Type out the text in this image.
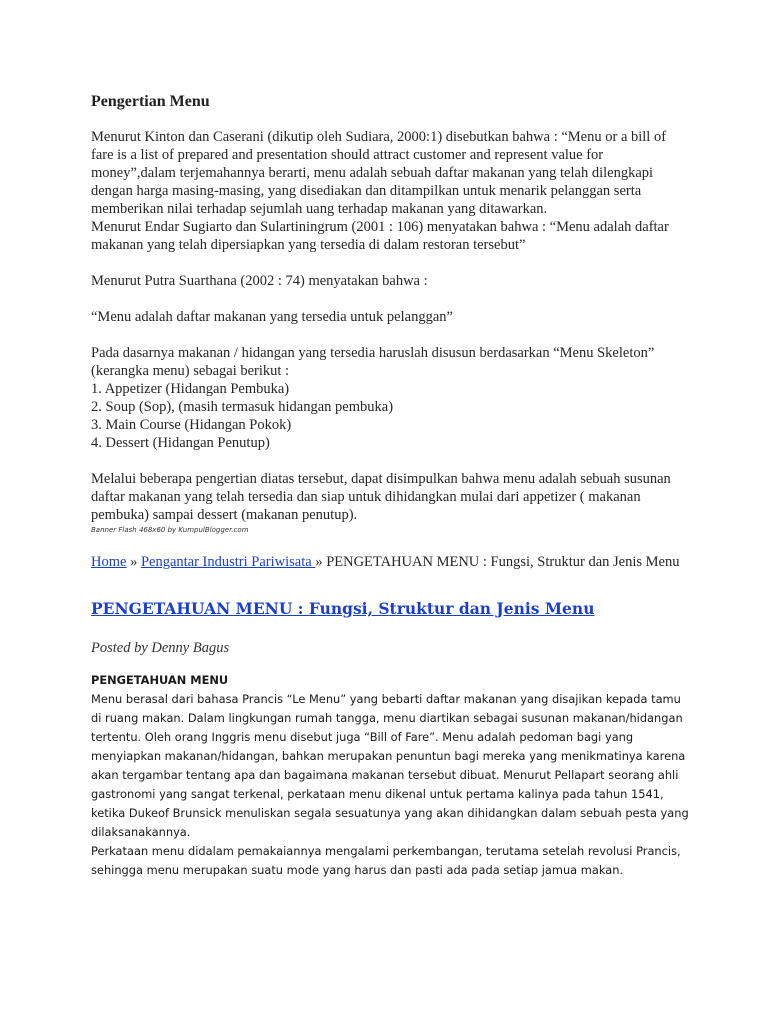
Pengertian Menu

Menurut Kinton dan Caserani (dikutip oleh Sudiara, 2000:1) disebutkan bahwa : “Menu or a bill of fare is a list of prepared and presentation should attract customer and represent value for money”,dalam terjemahannya berarti, menu adalah sebuah daftar makanan yang telah dilengkapi dengan harga masing-masing, yang disediakan dan ditampilkan untuk menarik pelanggan serta memberikan nilai terhadap sejumlah uang terhadap makanan yang ditawarkan.

Menurut Endar Sugiarto dan Sulartiningrum (2001 : 106) menyatakan bahwa : “Menu adalah daftar makanan yang telah dipersiapkan yang tersedia di dalam restoran tersebut”

Menurut Putra Suarthana (2002 : 74) menyatakan bahwa :

“Menu adalah daftar makanan yang tersedia untuk pelanggan”

Pada dasarnya makanan / hidangan yang tersedia haruslah disusun berdasarkan “Menu Skeleton” (kerangka menu) sebagai berikut :

1. Appetizer (Hidangan Pembuka)
2. Soup (Sop), (masih termasuk hidangan pembuka)
3. Main Course (Hidangan Pokok)
4. Dessert (Hidangan Penutup)

Melalui beberapa pengertian diatas tersebut, dapat disimpulkan bahwa menu adalah sebuah susunan daftar makanan yang telah tersedia dan siap untuk dihidangkan mulai dari appetizer ( makanan pembuka) sampai dessert (makanan penutup).

Banner Flash 468x60 by KumpulBlogger.com
Home » Pengantar Industri Pariwisata » PENGETAHUAN MENU : Fungsi, Struktur dan Jenis Menu
PENGETAHUAN MENU : Fungsi, Struktur dan Jenis Menu
Posted by Denny Bagus
PENGETAHUAN MENU

Menu berasal dari bahasa Prancis “Le Menu” yang bebarti daftar makanan yang disajikan kepada tamu di ruang makan. Dalam lingkungan rumah tangga, menu diartikan sebagai susunan makanan/hidangan tertentu. Oleh orang Inggris menu disebut juga “Bill of Fare”. Menu adalah pedoman bagi yang menyiapkan makanan/hidangan, bahkan merupakan penuntun bagi mereka yang menikmatinya karena akan tergambar tentang apa dan bagaimana makanan tersebut dibuat. Menurut Pellapart seorang ahli gastronomi yang sangat terkenal, perkataan menu dikenal untuk pertama kalinya pada tahun 1541, ketika Dukeof Brunsick menuliskan segala sesuatunya yang akan dihidangkan dalam sebuah pesta yang dilaksanakannya.

Perkataan menu didalam pemakaiannya mengalami perkembangan, terutama setelah revolusi Prancis, sehingga menu merupakan suatu mode yang harus dan pasti ada pada setiap jamua makan.
